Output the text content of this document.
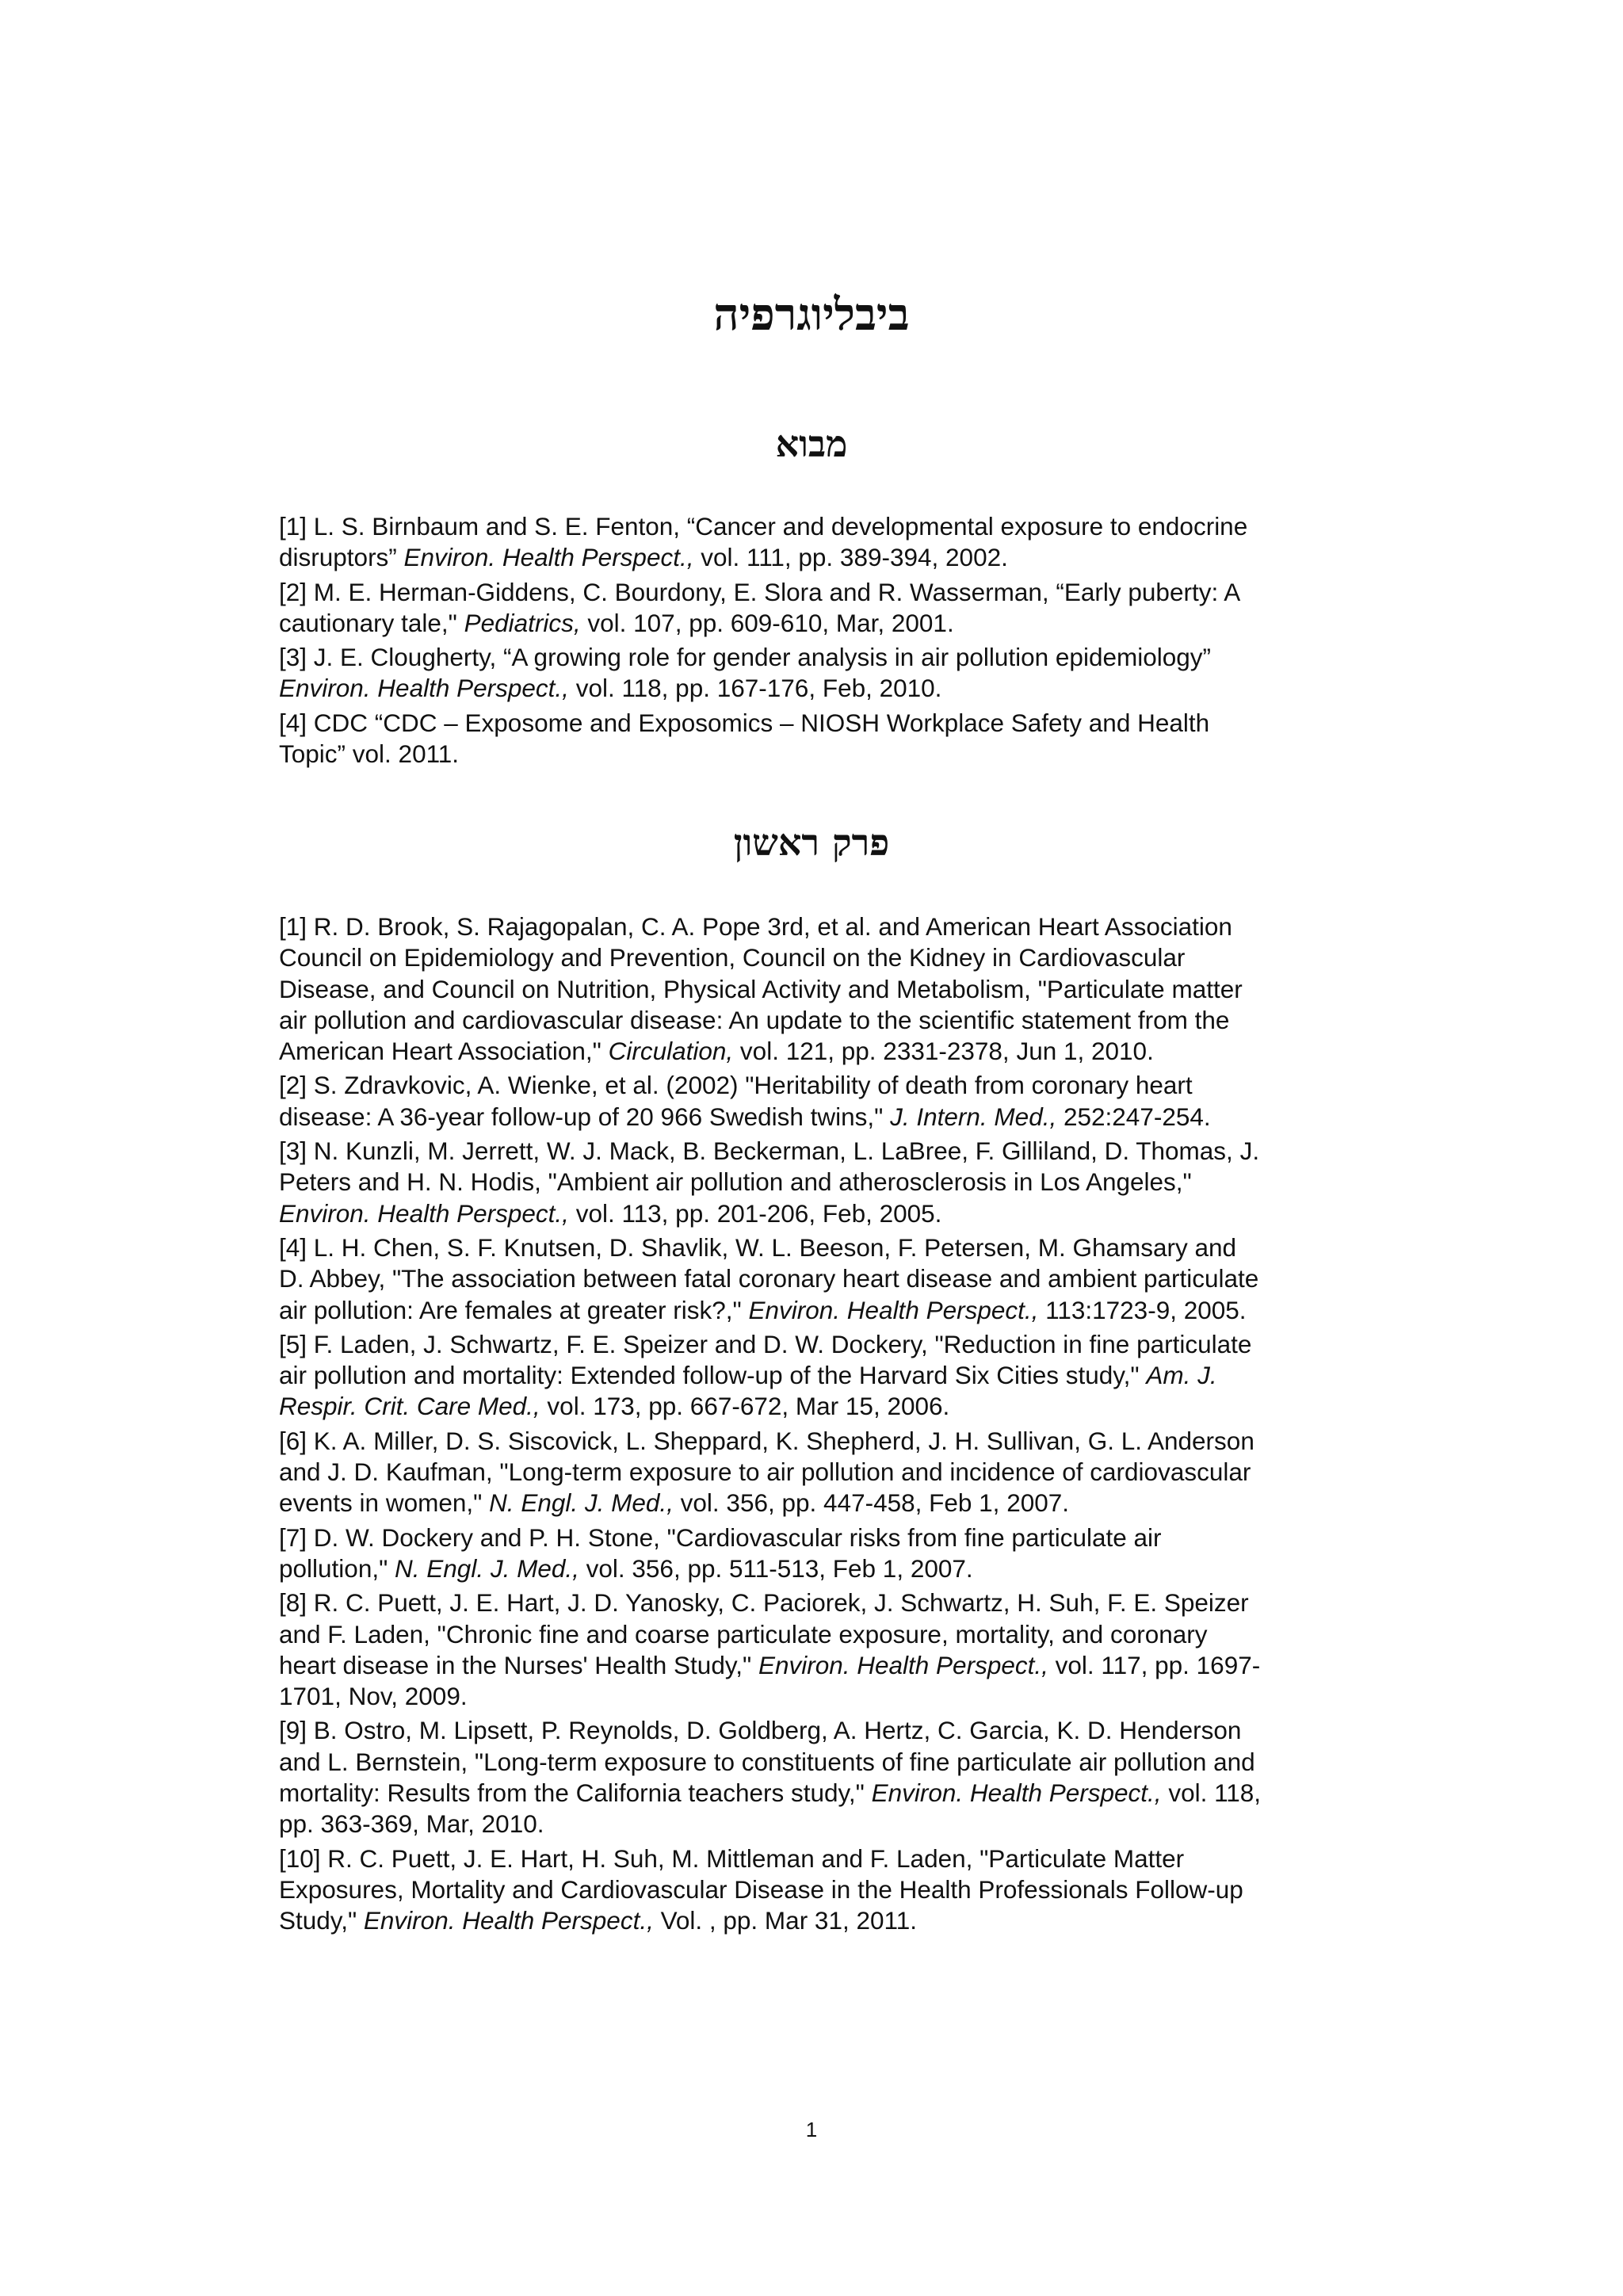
ביבליוגרפיה
מבוא
[1] L. S. Birnbaum and S. E. Fenton, “Cancer and developmental exposure to endocrine
disruptors” Environ. Health Perspect., vol. 111, pp. 389-394, 2002.
[2] M. E. Herman-Giddens, C. Bourdony, E. Slora and R. Wasserman, “Early puberty: A
cautionary tale," Pediatrics, vol. 107, pp. 609-610, Mar, 2001.
[3] J. E. Clougherty, “A growing role for gender analysis in air pollution epidemiology”
Environ. Health Perspect., vol. 118, pp. 167-176, Feb, 2010.
[4] CDC “CDC – Exposome and Exposomics – NIOSH Workplace Safety and Health
Topic” vol. 2011.
פרק ראשון
[1] R. D. Brook, S. Rajagopalan, C. A. Pope 3rd, et al. and American Heart Association
Council on Epidemiology and Prevention, Council on the Kidney in Cardiovascular
Disease, and Council on Nutrition, Physical Activity and Metabolism, "Particulate matter
air pollution and cardiovascular disease: An update to the scientific statement from the
American Heart Association," Circulation, vol. 121, pp. 2331-2378, Jun 1, 2010.
[2] S. Zdravkovic, A. Wienke, et al. (2002) "Heritability of death from coronary heart
disease: A 36-year follow-up of 20 966 Swedish twins," J. Intern. Med., 252:247-254.
[3] N. Kunzli, M. Jerrett, W. J. Mack, B. Beckerman, L. LaBree, F. Gilliland, D. Thomas, J.
Peters and H. N. Hodis, "Ambient air pollution and atherosclerosis in Los Angeles,"
Environ. Health Perspect., vol. 113, pp. 201-206, Feb, 2005.
[4] L. H. Chen, S. F. Knutsen, D. Shavlik, W. L. Beeson, F. Petersen, M. Ghamsary and
D. Abbey, "The association between fatal coronary heart disease and ambient particulate
air pollution: Are females at greater risk?," Environ. Health Perspect., 113:1723-9, 2005.
[5] F. Laden, J. Schwartz, F. E. Speizer and D. W. Dockery, "Reduction in fine particulate
air pollution and mortality: Extended follow-up of the Harvard Six Cities study," Am. J.
Respir. Crit. Care Med., vol. 173, pp. 667-672, Mar 15, 2006.
[6] K. A. Miller, D. S. Siscovick, L. Sheppard, K. Shepherd, J. H. Sullivan, G. L. Anderson
and J. D. Kaufman, "Long-term exposure to air pollution and incidence of cardiovascular
events in women," N. Engl. J. Med., vol. 356, pp. 447-458, Feb 1, 2007.
[7] D. W. Dockery and P. H. Stone, "Cardiovascular risks from fine particulate air
pollution," N. Engl. J. Med., vol. 356, pp. 511-513, Feb 1, 2007.
[8] R. C. Puett, J. E. Hart, J. D. Yanosky, C. Paciorek, J. Schwartz, H. Suh, F. E. Speizer
and F. Laden, "Chronic fine and coarse particulate exposure, mortality, and coronary
heart disease in the Nurses' Health Study," Environ. Health Perspect., vol. 117, pp. 1697-
1701, Nov, 2009.
[9] B. Ostro, M. Lipsett, P. Reynolds, D. Goldberg, A. Hertz, C. Garcia, K. D. Henderson
and L. Bernstein, "Long-term exposure to constituents of fine particulate air pollution and
mortality: Results from the California teachers study," Environ. Health Perspect., vol. 118,
pp. 363-369, Mar, 2010.
[10] R. C. Puett, J. E. Hart, H. Suh, M. Mittleman and F. Laden, "Particulate Matter
Exposures, Mortality and Cardiovascular Disease in the Health Professionals Follow-up
Study," Environ. Health Perspect., Vol. , pp. Mar 31, 2011.
1
